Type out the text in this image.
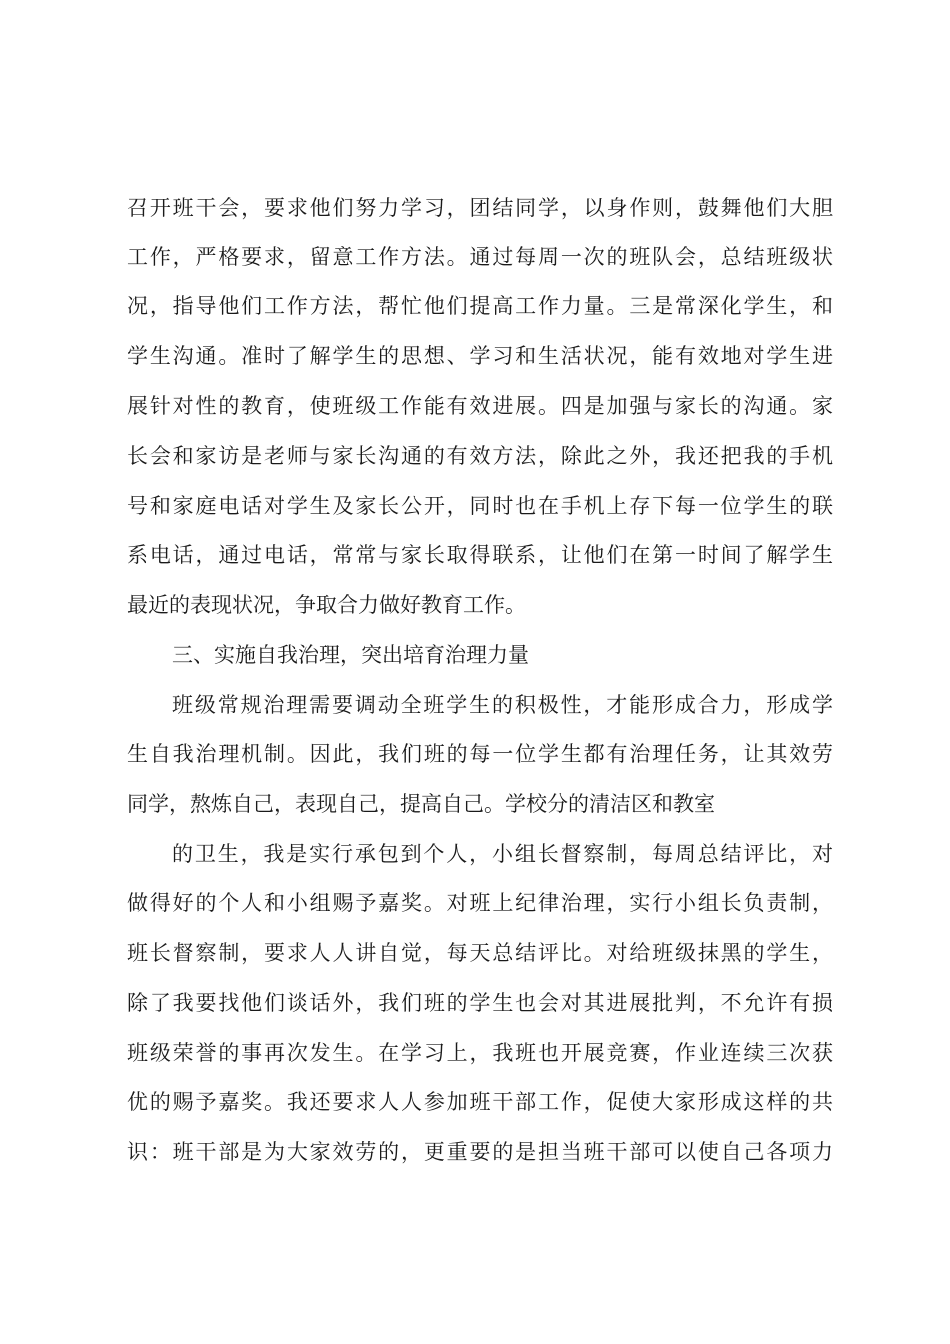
召开班干会，要求他们努力学习，团结同学，以身作则，鼓舞他们大胆
工作，严格要求，留意工作方法。通过每周一次的班队会，总结班级状
况，指导他们工作方法，帮忙他们提高工作力量。三是常深化学生，和
学生沟通。准时了解学生的思想、学习和生活状况，能有效地对学生进
展针对性的教育，使班级工作能有效进展。四是加强与家长的沟通。家
长会和家访是老师与家长沟通的有效方法，除此之外，我还把我的手机
号和家庭电话对学生及家长公开，同时也在手机上存下每一位学生的联
系电话，通过电话，常常与家长取得联系，让他们在第一时间了解学生
最近的表现状况，争取合力做好教育工作。
三、实施自我治理，突出培育治理力量
班级常规治理需要调动全班学生的积极性，才能形成合力，形成学
生自我治理机制。因此，我们班的每一位学生都有治理任务，让其效劳
同学，熬炼自己，表现自己，提高自己。学校分的清洁区和教室
的卫生，我是实行承包到个人，小组长督察制，每周总结评比，对
做得好的个人和小组赐予嘉奖。对班上纪律治理，实行小组长负责制，
班长督察制，要求人人讲自觉，每天总结评比。对给班级抹黑的学生，
除了我要找他们谈话外，我们班的学生也会对其进展批判，不允许有损
班级荣誉的事再次发生。在学习上，我班也开展竞赛，作业连续三次获
优的赐予嘉奖。我还要求人人参加班干部工作，促使大家形成这样的共
识：班干部是为大家效劳的，更重要的是担当班干部可以使自己各项力
